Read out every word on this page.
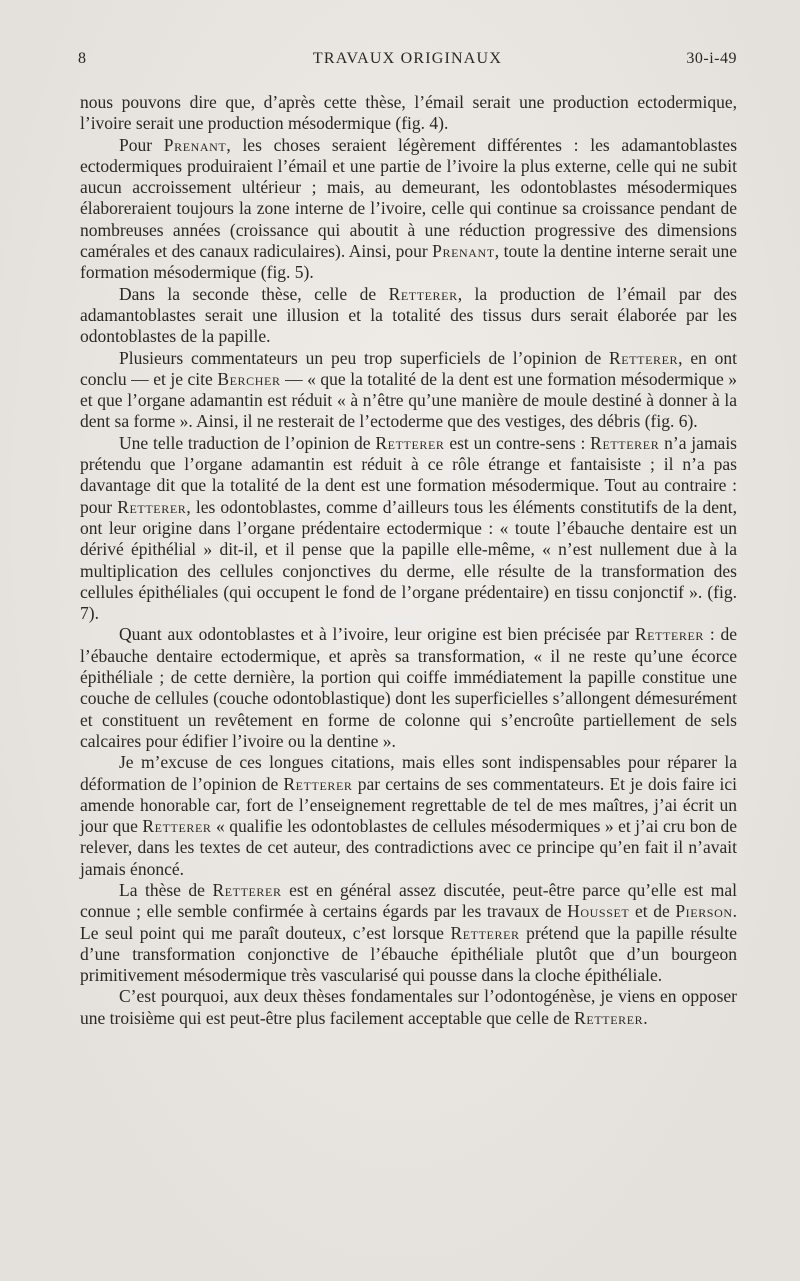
8	TRAVAUX ORIGINAUX	30-i-49

nous pouvons dire que, d’après cette thèse, l’émail serait une production ectodermique, l’ivoire serait une production mésodermique (fig. 4).

Pour Prenant, les choses seraient légèrement différentes : les adamantoblastes ectodermiques produiraient l’émail et une partie de l’ivoire la plus externe, celle qui ne subit aucun accroissement ultérieur ; mais, au demeurant, les odontoblastes mésodermiques élaboreraient toujours la zone interne de l’ivoire, celle qui continue sa croissance pendant de nombreuses années (croissance qui aboutit à une réduction progressive des dimensions camérales et des canaux radiculaires). Ainsi, pour Prenant, toute la dentine interne serait une formation mésodermique (fig. 5).

Dans la seconde thèse, celle de Retterer, la production de l’émail par des adamantoblastes serait une illusion et la totalité des tissus durs serait élaborée par les odontoblastes de la papille.

Plusieurs commentateurs un peu trop superficiels de l’opinion de Retterer, en ont conclu — et je cite Bercher — « que la totalité de la dent est une formation mésodermique » et que l’organe adamantin est réduit « à n’être qu’une manière de moule destiné à donner à la dent sa forme ». Ainsi, il ne resterait de l’ectoderme que des vestiges, des débris (fig. 6).

Une telle traduction de l’opinion de Retterer est un contre-sens : Retterer n’a jamais prétendu que l’organe adamantin est réduit à ce rôle étrange et fantaisiste ; il n’a pas davantage dit que la totalité de la dent est une formation mésodermique. Tout au contraire : pour Retterer, les odontoblastes, comme d’ailleurs tous les éléments constitutifs de la dent, ont leur origine dans l’organe prédentaire ectodermique : « toute l’ébauche dentaire est un dérivé épithélial » dit-il, et il pense que la papille elle-même, « n’est nullement due à la multiplication des cellules conjonctives du derme, elle résulte de la transformation des cellules épithéliales (qui occupent le fond de l’organe prédentaire) en tissu conjonctif ». (fig. 7).

Quant aux odontoblastes et à l’ivoire, leur origine est bien précisée par Retterer : de l’ébauche dentaire ectodermique, et après sa transformation, « il ne reste qu’une écorce épithéliale ; de cette dernière, la portion qui coiffe immédiatement la papille constitue une couche de cellules (couche odontoblastique) dont les superficielles s’allongent démesurément et constituent un revêtement en forme de colonne qui s’encroûte partiellement de sels calcaires pour édifier l’ivoire ou la dentine ».

Je m’excuse de ces longues citations, mais elles sont indispensables pour réparer la déformation de l’opinion de Retterer par certains de ses commentateurs. Et je dois faire ici amende honorable car, fort de l’enseignement regrettable de tel de mes maîtres, j’ai écrit un jour que Retterer « qualifie les odontoblastes de cellules mésodermiques » et j’ai cru bon de relever, dans les textes de cet auteur, des contradictions avec ce principe qu’en fait il n’avait jamais énoncé.

La thèse de Retterer est en général assez discutée, peut-être parce qu’elle est mal connue ; elle semble confirmée à certains égards par les travaux de Housset et de Pierson. Le seul point qui me paraît douteux, c’est lorsque Retterer prétend que la papille résulte d’une transformation conjonctive de l’ébauche épithéliale plutôt que d’un bourgeon primitivement mésodermique très vascularisé qui pousse dans la cloche épithéliale.

C’est pourquoi, aux deux thèses fondamentales sur l’odontogénèse, je viens en opposer une troisième qui est peut-être plus facilement acceptable que celle de Retterer.
